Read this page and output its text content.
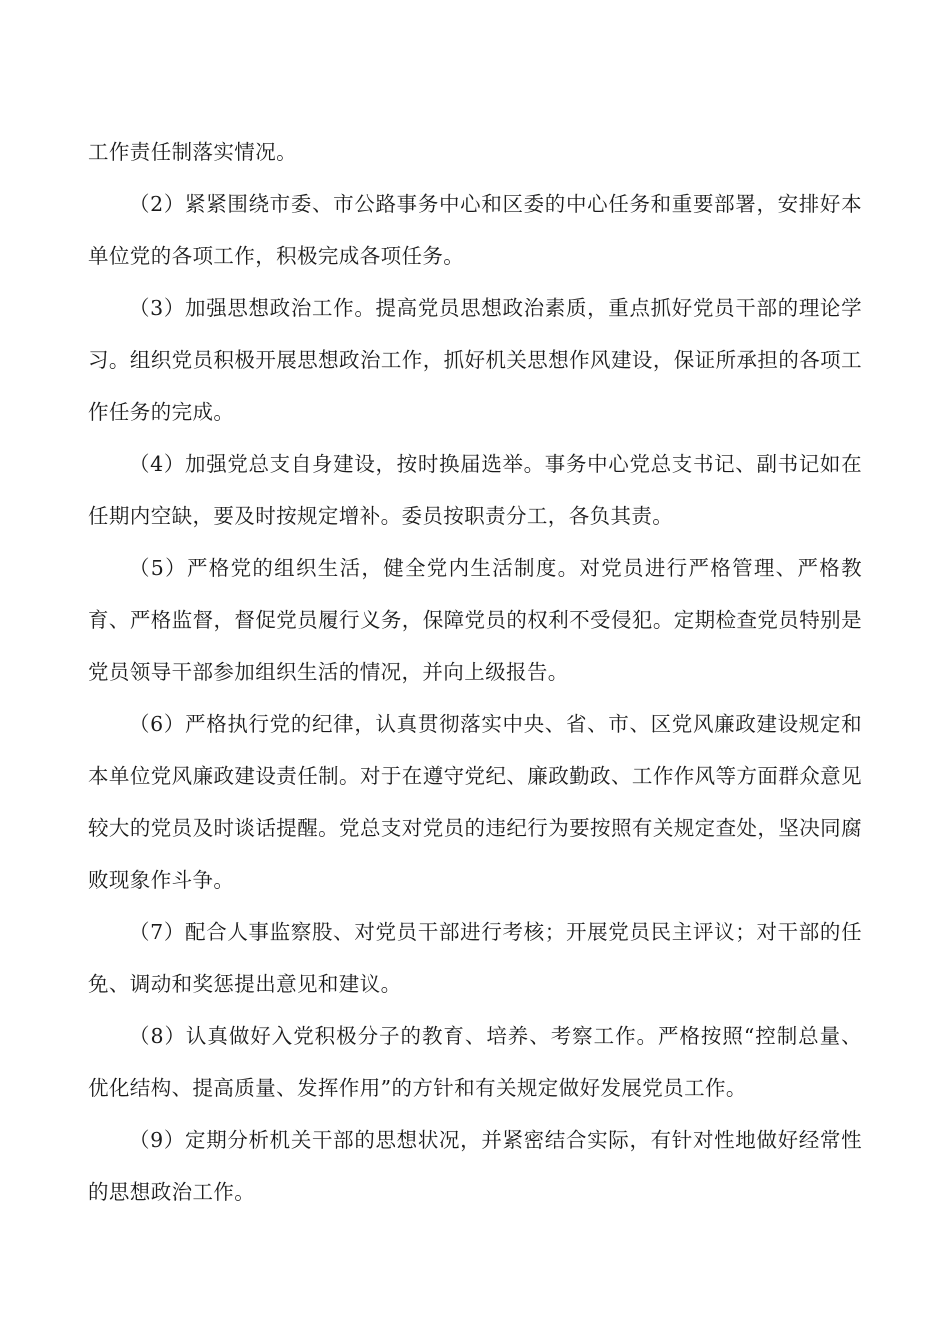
工作责任制落实情况。

（2）紧紧围绕市委、市公路事务中心和区委的中心任务和重要部署，安排好本单位党的各项工作，积极完成各项任务。

（3）加强思想政治工作。提高党员思想政治素质，重点抓好党员干部的理论学习。组织党员积极开展思想政治工作，抓好机关思想作风建设，保证所承担的各项工作任务的完成。

（4）加强党总支自身建设，按时换届选举。事务中心党总支书记、副书记如在任期内空缺，要及时按规定增补。委员按职责分工，各负其责。

（5）严格党的组织生活，健全党内生活制度。对党员进行严格管理、严格教育、严格监督，督促党员履行义务，保障党员的权利不受侵犯。定期检查党员特别是党员领导干部参加组织生活的情况，并向上级报告。

（6）严格执行党的纪律，认真贯彻落实中央、省、市、区党风廉政建设规定和本单位党风廉政建设责任制。对于在遵守党纪、廉政勤政、工作作风等方面群众意见较大的党员及时谈话提醒。党总支对党员的违纪行为要按照有关规定查处，坚决同腐败现象作斗争。

（7）配合人事监察股、对党员干部进行考核；开展党员民主评议；对干部的任免、调动和奖惩提出意见和建议。

（8）认真做好入党积极分子的教育、培养、考察工作。严格按照“控制总量、优化结构、提高质量、发挥作用”的方针和有关规定做好发展党员工作。

（9）定期分析机关干部的思想状况，并紧密结合实际，有针对性地做好经常性的思想政治工作。
